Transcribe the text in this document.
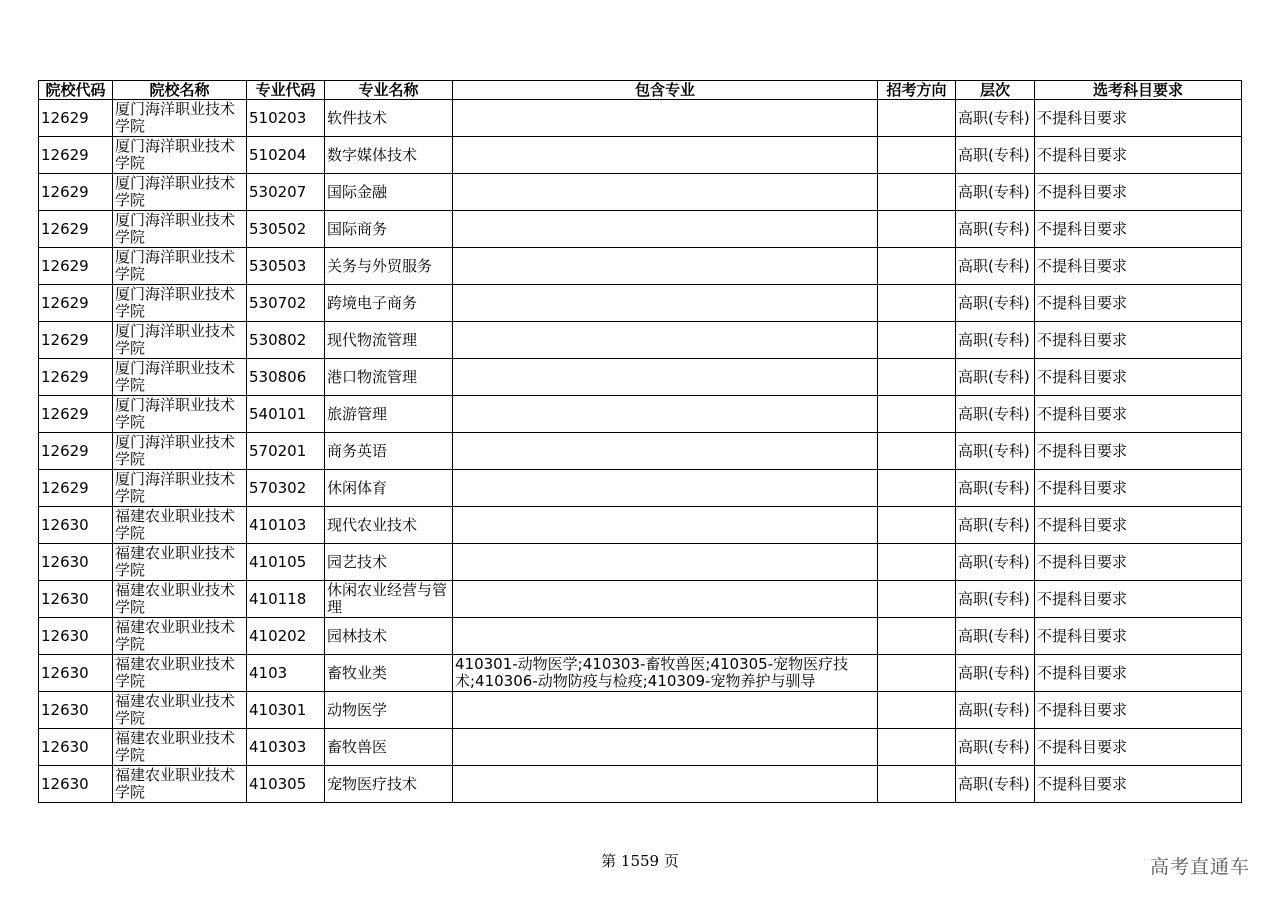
院校代码	院校名称	专业代码	专业名称	包含专业	招考方向	层次	选考科目要求
12629	厦门海洋职业技术学院	510203	软件技术			高职(专科)	不提科目要求
12629	厦门海洋职业技术学院	510204	数字媒体技术			高职(专科)	不提科目要求
12629	厦门海洋职业技术学院	530207	国际金融			高职(专科)	不提科目要求
12629	厦门海洋职业技术学院	530502	国际商务			高职(专科)	不提科目要求
12629	厦门海洋职业技术学院	530503	关务与外贸服务			高职(专科)	不提科目要求
12629	厦门海洋职业技术学院	530702	跨境电子商务			高职(专科)	不提科目要求
12629	厦门海洋职业技术学院	530802	现代物流管理			高职(专科)	不提科目要求
12629	厦门海洋职业技术学院	530806	港口物流管理			高职(专科)	不提科目要求
12629	厦门海洋职业技术学院	540101	旅游管理			高职(专科)	不提科目要求
12629	厦门海洋职业技术学院	570201	商务英语			高职(专科)	不提科目要求
12629	厦门海洋职业技术学院	570302	休闲体育			高职(专科)	不提科目要求
12630	福建农业职业技术学院	410103	现代农业技术			高职(专科)	不提科目要求
12630	福建农业职业技术学院	410105	园艺技术			高职(专科)	不提科目要求
12630	福建农业职业技术学院	410118	休闲农业经营与管理			高职(专科)	不提科目要求
12630	福建农业职业技术学院	410202	园林技术			高职(专科)	不提科目要求
12630	福建农业职业技术学院	4103	畜牧业类	410301-动物医学;410303-畜牧兽医;410305-宠物医疗技术;410306-动物防疫与检疫;410309-宠物养护与驯导		高职(专科)	不提科目要求
12630	福建农业职业技术学院	410301	动物医学			高职(专科)	不提科目要求
12630	福建农业职业技术学院	410303	畜牧兽医			高职(专科)	不提科目要求
12630	福建农业职业技术学院	410305	宠物医疗技术			高职(专科)	不提科目要求
第 1559 页	高考直通车
